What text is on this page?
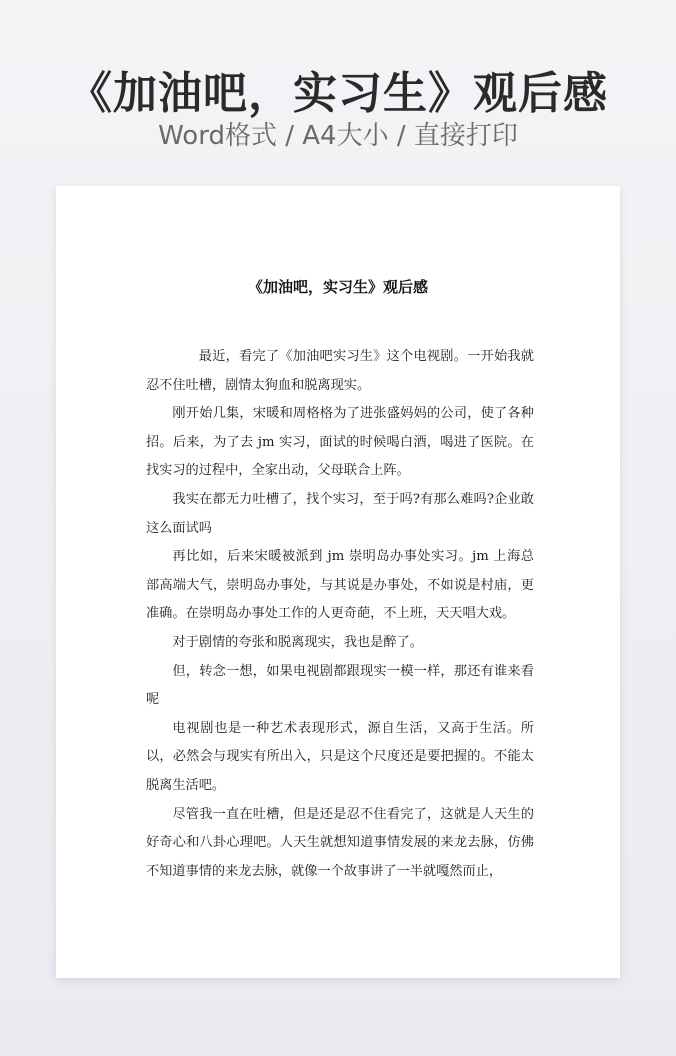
《加油吧，实习生》观后感
Word格式 / A4大小 / 直接打印
《加油吧，实习生》观后感

最近，看完了《加油吧实习生》这个电视剧。一开始我就忍不住吐槽，剧情太狗血和脱离现实。

刚开始几集，宋暖和周格格为了进张盛妈妈的公司，使了各种招。后来，为了去 jm 实习，面试的时候喝白酒，喝进了医院。在找实习的过程中，全家出动，父母联合上阵。

我实在都无力吐槽了，找个实习，至于吗?有那么难吗?企业敢这么面试吗

再比如，后来宋暖被派到 jm 崇明岛办事处实习。jm 上海总部高端大气，崇明岛办事处，与其说是办事处，不如说是村庙，更准确。在崇明岛办事处工作的人更奇葩，不上班，天天唱大戏。

对于剧情的夸张和脱离现实，我也是醉了。

但，转念一想，如果电视剧都跟现实一模一样，那还有谁来看呢

电视剧也是一种艺术表现形式，源自生活，又高于生活。所以，必然会与现实有所出入，只是这个尺度还是要把握的。不能太脱离生活吧。

尽管我一直在吐槽，但是还是忍不住看完了，这就是人天生的好奇心和八卦心理吧。人天生就想知道事情发展的来龙去脉，仿佛不知道事情的来龙去脉，就像一个故事讲了一半就嘎然而止，
